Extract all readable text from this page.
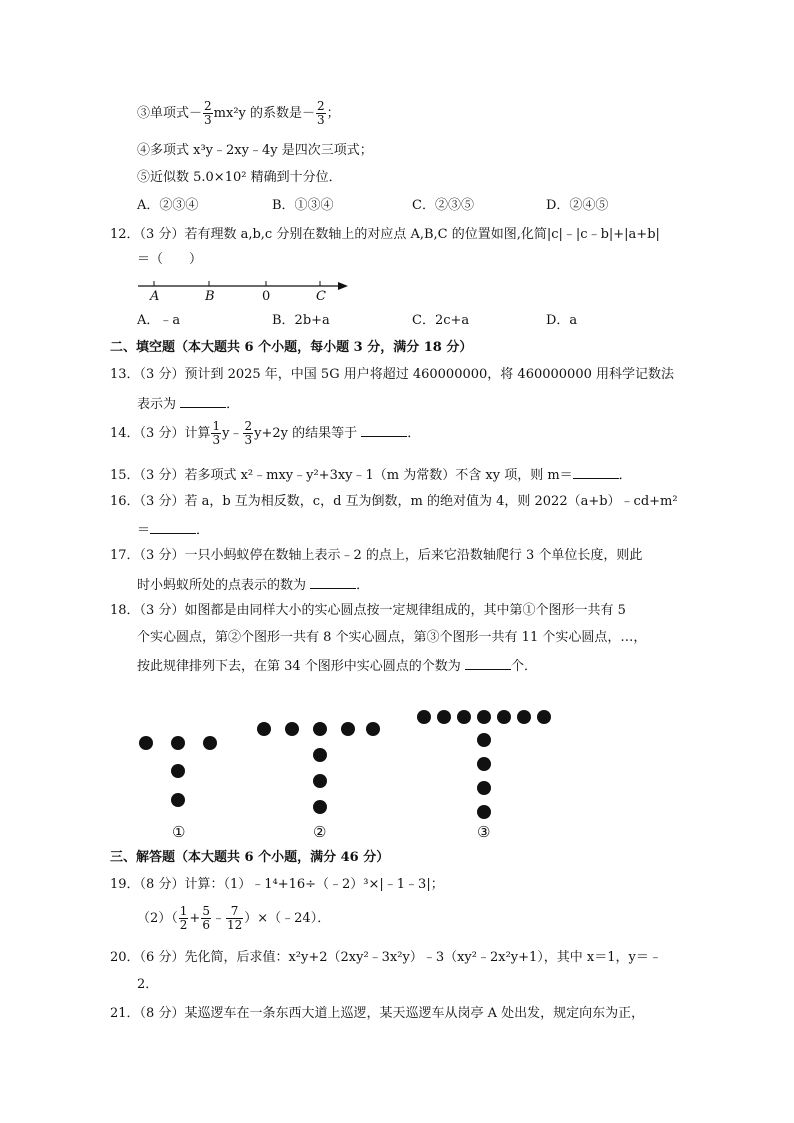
③单项式－ $\frac{2}{3} mx^2y$ 的系数是－ $\frac{2}{3}$ ；
④多项式 x³y﹣2xy﹣4y 是四次三项式；
⑤近似数 5.0×10² 精确到十分位．
A．②③④	B．①③④	C．②③⑤	D．②④⑤
12．（3 分）若有理数 a,b,c 分别在数轴上的对应点 A,B,C 的位置如图,化简|c|﹣|c﹣b|+|a+b|
＝（　　）
A	B	0	C
A．﹣a	B．2b+a	C．2c+a	D．a
二、填空题（本大题共 6 个小题，每小题 3 分，满分 18 分）
13．（3 分）预计到 2025 年，中国 5G 用户将超过 460000000，将 460000000 用科学记数法
表示为	．
14．（3 分）计算 $\frac{1}{3}$ y﹣ $\frac{2}{3} y+2y$ 的结果等于	．
15．（3 分）若多项式 x²﹣mxy﹣y²+3xy﹣1（m 为常数）不含 xy 项，则 m＝	．
16．（3 分）若 a，b 互为相反数，c，d 互为倒数，m 的绝对值为 4，则 2022（a+b）﹣cd+m²
＝	．
17．（3 分）一只小蚂蚁停在数轴上表示﹣2 的点上，后来它沿数轴爬行 3 个单位长度，则此
时小蚂蚁所处的点表示的数为	．
18．（3 分）如图都是由同样大小的实心圆点按一定规律组成的，其中第①个图形一共有 5
个实心圆点，第②个图形一共有 8 个实心圆点，第③个图形一共有 11 个实心圆点，…，
按此规律排列下去，在第 34 个图形中实心圆点的个数为	个．
①	②	③
三、解答题（本大题共 6 个小题，满分 46 分）
19．（8 分）计算：（1）﹣1⁴+16÷（﹣2）³×|﹣1﹣3|；
$(2)( \frac{1}{2} + \frac{5}{6}$ ﹣ $\frac{7}{12}$ ）×（﹣24）．
20．（6 分）先化简，后求值：x²y+2（2xy²﹣3x²y）﹣3（xy²﹣2x²y+1），其中 x＝1，y＝﹣
2．
21．（8 分）某巡逻车在一条东西大道上巡逻，某天巡逻车从岗亭 A 处出发，规定向东为正，
